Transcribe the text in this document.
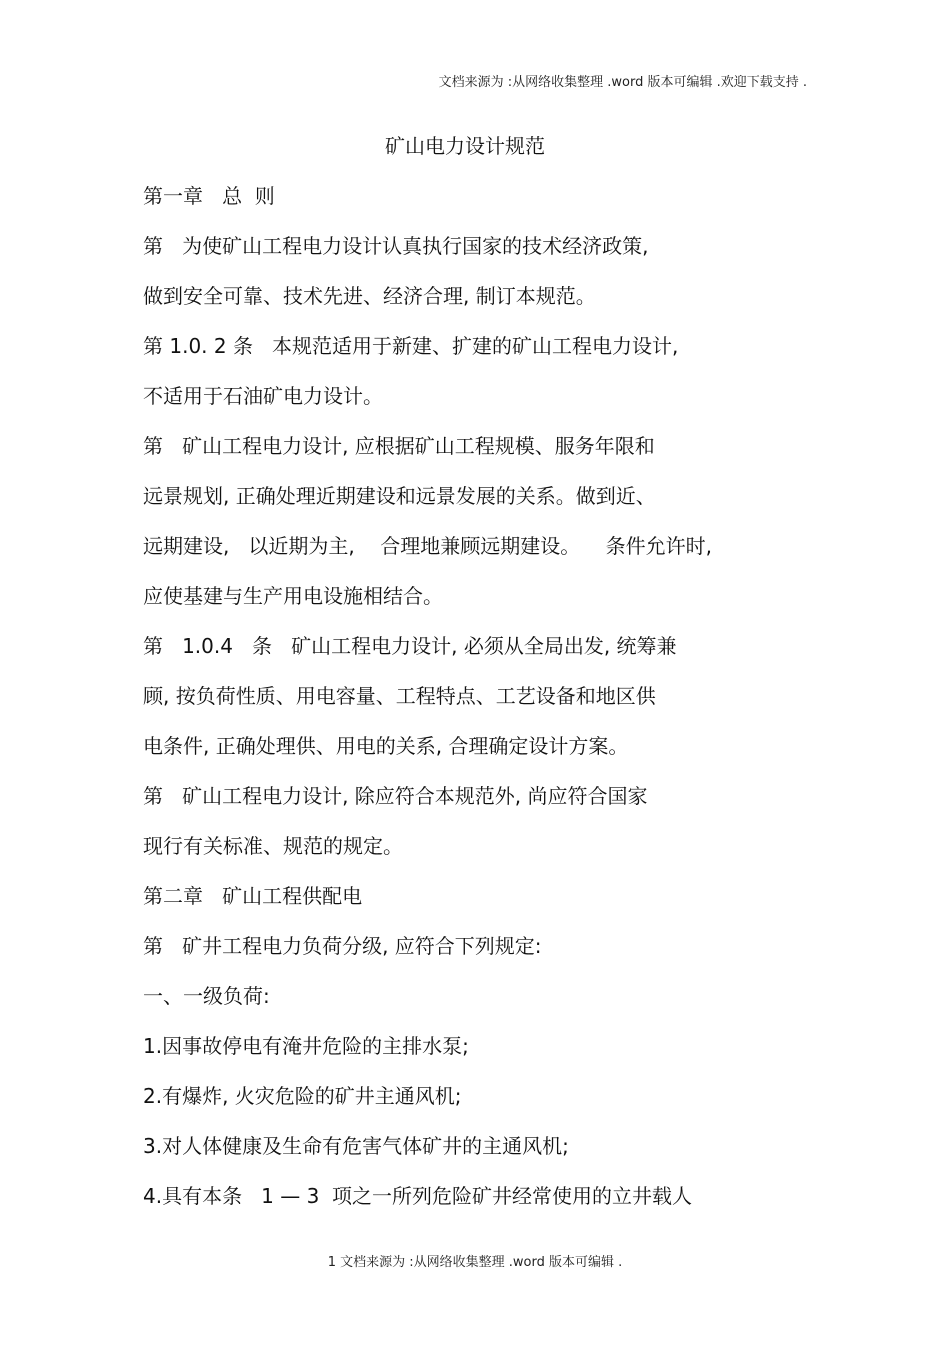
文档来源为 :从网络收集整理 .word 版本可编辑 .欢迎下载支持 .
矿山电力设计规范
第一章   总  则
第   为使矿山工程电力设计认真执行国家的技术经济政策,
做到安全可靠、技术先进、经济合理, 制订本规范。
第 1.0. 2 条   本规范适用于新建、扩建的矿山工程电力设计,
不适用于石油矿电力设计。
第   矿山工程电力设计, 应根据矿山工程规模、服务年限和
远景规划, 正确处理近期建设和远景发展的关系。做到近、
远期建设,   以近期为主,    合理地兼顾远期建设。    条件允许时,
应使基建与生产用电设施相结合。
第   1.0.4   条   矿山工程电力设计, 必须从全局出发, 统筹兼
顾, 按负荷性质、用电容量、工程特点、工艺设备和地区供
电条件, 正确处理供、用电的关系, 合理确定设计方案。
第   矿山工程电力设计, 除应符合本规范外, 尚应符合国家
现行有关标准、规范的规定。
第二章   矿山工程供配电
第   矿井工程电力负荷分级, 应符合下列规定:
一、一级负荷:
1.因事故停电有淹井危险的主排水泵;
2.有爆炸, 火灾危险的矿井主通风机;
3.对人体健康及生命有危害气体矿井的主通风机;
4.具有本条   1 — 3  项之一所列危险矿井经常使用的立井载人
1 文档来源为 :从网络收集整理 .word 版本可编辑 .
